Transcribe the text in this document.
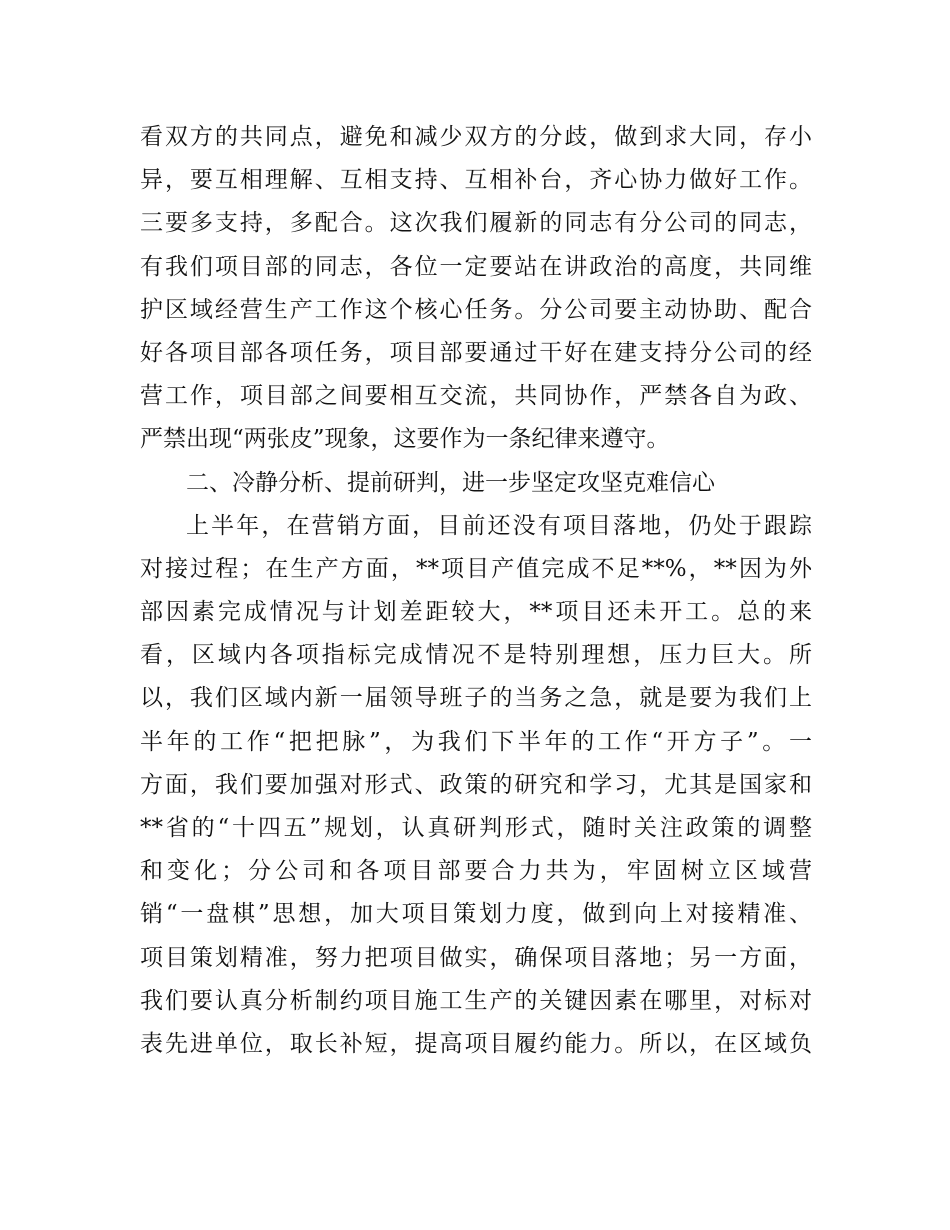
看双方的共同点，避免和减少双方的分歧，做到求大同，存小
异，要互相理解、互相支持、互相补台，齐心协力做好工作。
三要多支持，多配合。这次我们履新的同志有分公司的同志，
有我们项目部的同志，各位一定要站在讲政治的高度，共同维
护区域经营生产工作这个核心任务。分公司要主动协助、配合
好各项目部各项任务，项目部要通过干好在建支持分公司的经
营工作，项目部之间要相互交流，共同协作，严禁各自为政、
严禁出现“两张皮”现象，这要作为一条纪律来遵守。
二、冷静分析、提前研判，进一步坚定攻坚克难信心
上半年，在营销方面，目前还没有项目落地，仍处于跟踪
对接过程；在生产方面，**项目产值完成不足**%，**因为外
部因素完成情况与计划差距较大，**项目还未开工。总的来
看，区域内各项指标完成情况不是特别理想，压力巨大。所
以，我们区域内新一届领导班子的当务之急，就是要为我们上
半年的工作“把把脉”，为我们下半年的工作“开方子”。一
方面，我们要加强对形式、政策的研究和学习，尤其是国家和
**省的“十四五”规划，认真研判形式，随时关注政策的调整
和变化；分公司和各项目部要合力共为，牢固树立区域营
销“一盘棋”思想，加大项目策划力度，做到向上对接精准、
项目策划精准，努力把项目做实，确保项目落地；另一方面，
我们要认真分析制约项目施工生产的关键因素在哪里，对标对
表先进单位，取长补短，提高项目履约能力。所以，在区域负
